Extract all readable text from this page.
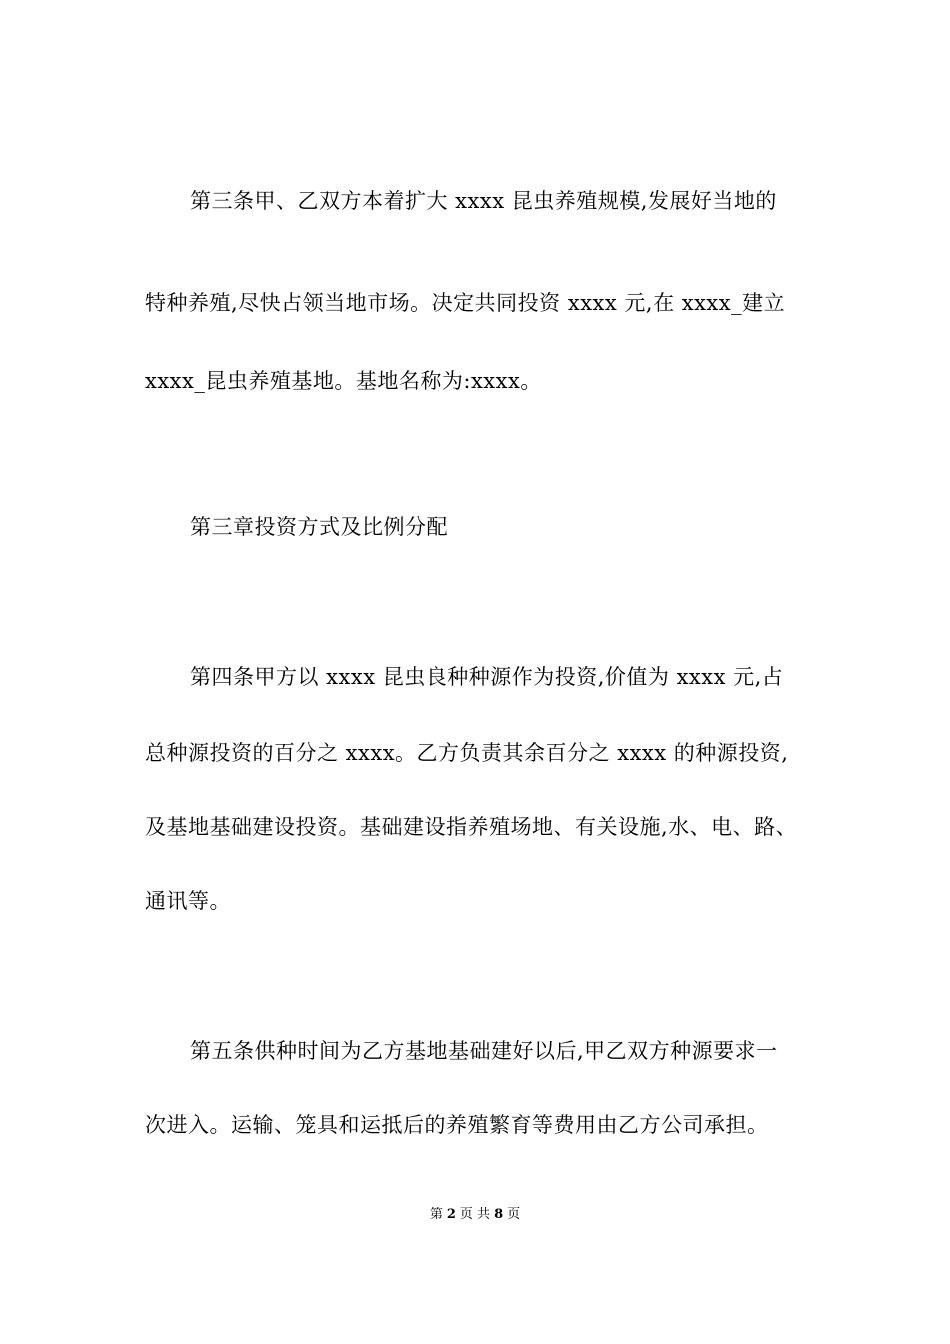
第三条甲、乙双方本着扩大 xxxx 昆虫养殖规模,发展好当地的
特种养殖,尽快占领当地市场。决定共同投资 xxxx 元,在 xxxx_建立
xxxx_昆虫养殖基地。基地名称为:xxxx。
第三章投资方式及比例分配
第四条甲方以 xxxx 昆虫良种种源作为投资,价值为 xxxx 元,占
总种源投资的百分之 xxxx。乙方负责其余百分之 xxxx 的种源投资,
及基地基础建设投资。基础建设指养殖场地、有关设施,水、电、路、
通讯等。
第五条供种时间为乙方基地基础建好以后,甲乙双方种源要求一
次进入。运输、笼具和运抵后的养殖繁育等费用由乙方公司承担。
第 2 页 共 8 页
